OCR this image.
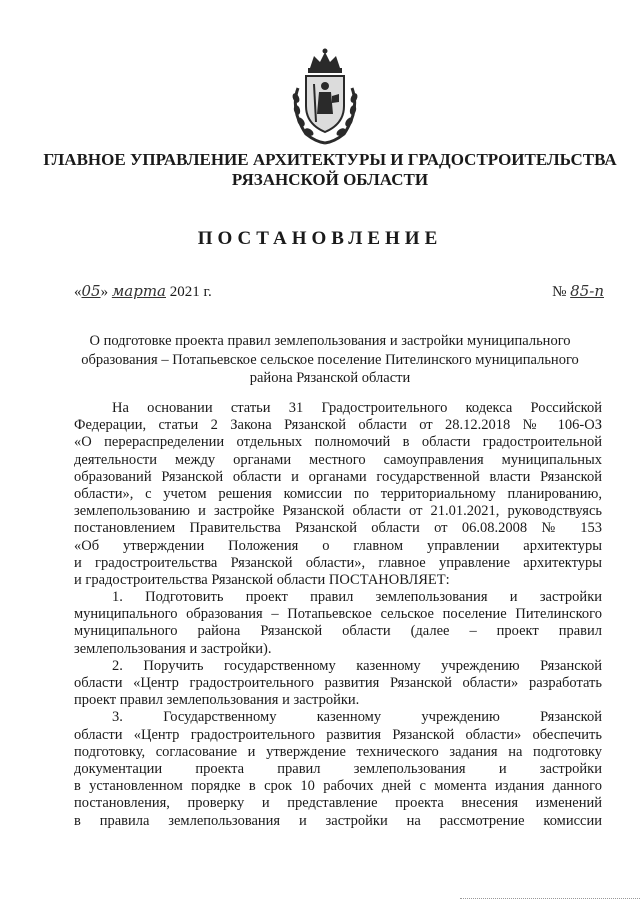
ГЛАВНОЕ УПРАВЛЕНИЕ АРХИТЕКТУРЫ И ГРАДОСТРОИТЕЛЬСТВА
РЯЗАНСКОЙ ОБЛАСТИ
ПОСТАНОВЛЕНИЕ
«05» марта 2021 г.	№ 85-п
О подготовке проекта правил землепользования и застройки муниципального
образования – Потапьевское сельское поселение Пителинского муниципального
района Рязанской области
На основании статьи 31 Градостроительного кодекса Российской
Федерации, статьи 2 Закона Рязанской области от 28.12.2018 № 106-ОЗ
«О перераспределении отдельных полномочий в области градостроительной
деятельности между органами местного самоуправления муниципальных
образований Рязанской области и органами государственной власти Рязанской
области», с учетом решения комиссии по территориальному планированию,
землепользованию и застройке Рязанской области от 21.01.2021, руководствуясь
постановлением Правительства Рязанской области от 06.08.2008 № 153
«Об утверждении Положения о главном управлении архитектуры
и градостроительства Рязанской области», главное управление архитектуры
и градостроительства Рязанской области ПОСТАНОВЛЯЕТ:
1. Подготовить проект правил землепользования и застройки
муниципального образования – Потапьевское сельское поселение Пителинского
муниципального района Рязанской области (далее – проект правил
землепользования и застройки).
2. Поручить государственному казенному учреждению Рязанской
области «Центр градостроительного развития Рязанской области» разработать
проект правил землепользования и застройки.
3. Государственному казенному учреждению Рязанской
области «Центр градостроительного развития Рязанской области» обеспечить
подготовку, согласование и утверждение технического задания на подготовку
документации проекта правил землепользования и застройки
в установленном порядке в срок 10 рабочих дней с момента издания данного
постановления, проверку и представление проекта внесения изменений
в правила землепользования и застройки на рассмотрение комиссии
